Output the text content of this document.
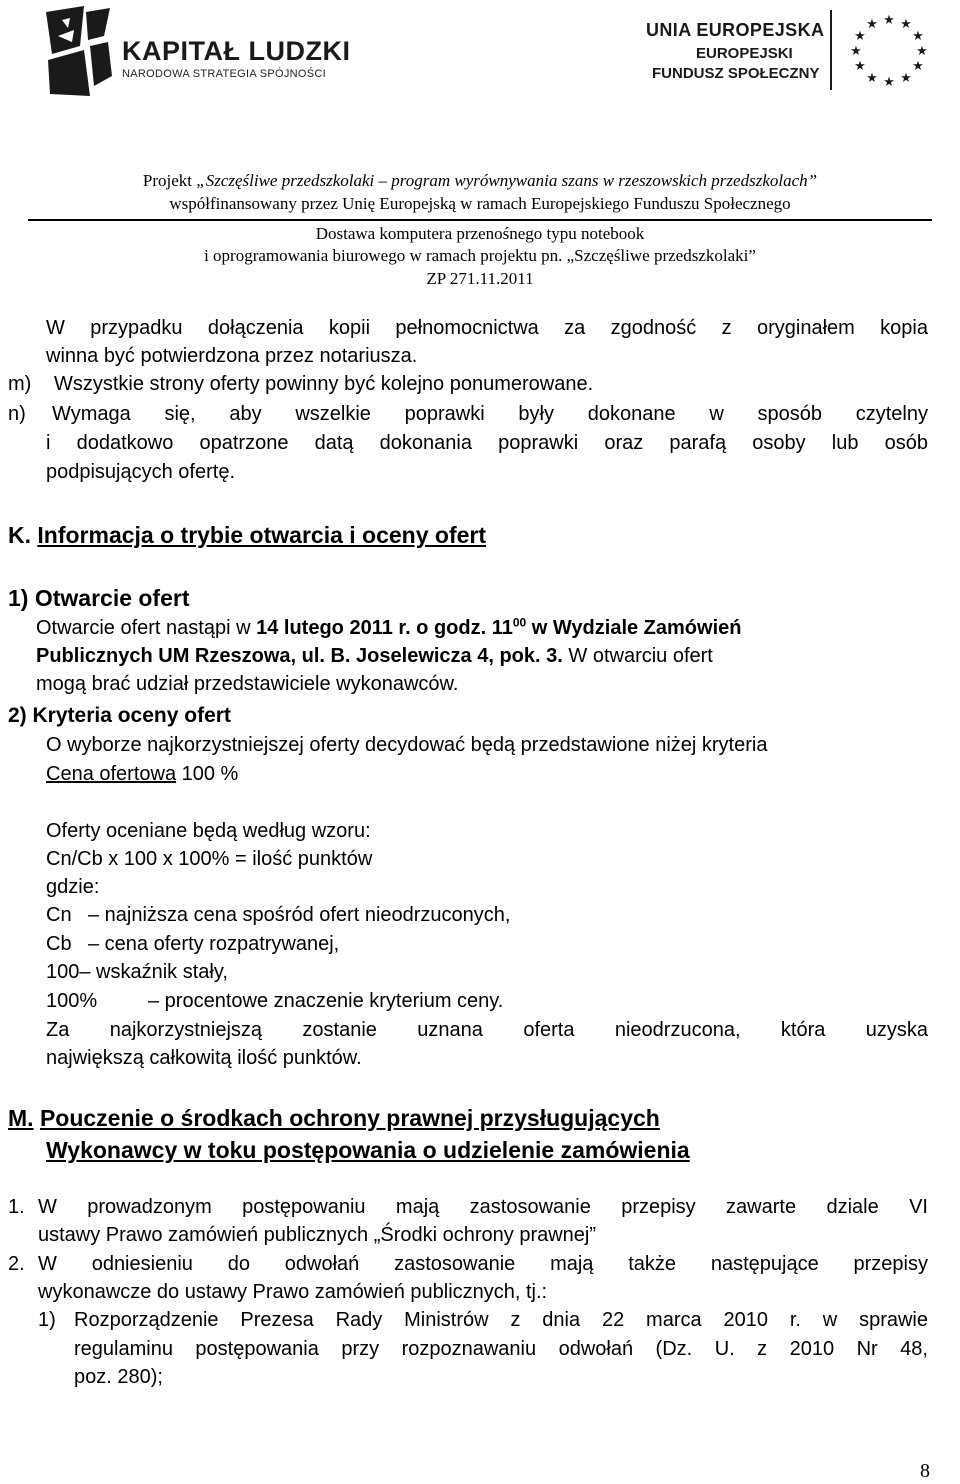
KAPITAŁ LUDZKI
NARODOWA STRATEGIA SPÓJNOŚCI
UNIA EUROPEJSKA
EUROPEJSKI
FUNDUSZ SPOŁECZNY
★ ★
★
★
★
★
★
★
★
★
★
★
Projekt „Szczęśliwe przedszkolaki – program wyrównywania szans w rzeszowskich przedszkolach”
współfinansowany przez Unię Europejską w ramach Europejskiego Funduszu Społecznego
Dostawa komputera przenośnego typu notebook
i oprogramowania biurowego w ramach projektu pn. „Szczęśliwe przedszkolaki”
ZP 271.11.2011
W przypadku dołączenia kopii pełnomocnictwa za zgodność z oryginałem kopia
winna być potwierdzona przez notariusza.
m) Wszystkie strony oferty powinny być kolejno ponumerowane.
n)	Wymaga się, aby wszelkie poprawki były dokonane w sposób czytelny
i dodatkowo opatrzone datą dokonania poprawki oraz parafą osoby lub osób
podpisujących ofertę.
K. Informacja o trybie otwarcia i oceny ofert
1) Otwarcie ofert
Otwarcie ofert nastąpi w 14 lutego 2011 r. o godz. $11^{00}$ w Wydziale Zamówień
Publicznych UM Rzeszowa, ul. B. Joselewicza 4, pok. 3. W otwarciu ofert
mogą brać udział przedstawiciele wykonawców.
2) Kryteria oceny ofert
O wyborze najkorzystniejszej oferty decydować będą przedstawione niżej kryteria
Cena ofertowa 100 %
Oferty oceniane będą według wzoru:
Cn/Cb x 100 x 100% = ilość punktów
gdzie:
Cn – najniższa cena spośród ofert nieodrzuconych,
Cb – cena oferty rozpatrywanej,
100– wskaźnik stały,
100%	– procentowe znaczenie kryterium ceny.
Za najkorzystniejszą zostanie uznana oferta nieodrzucona, która uzyska
największą całkowitą ilość punktów.
M. Pouczenie o środkach ochrony prawnej przysługujących
Wykonawcy w toku postępowania o udzielenie zamówienia
1. W prowadzonym postępowaniu mają zastosowanie przepisy zawarte dziale VI
ustawy Prawo zamówień publicznych „Środki ochrony prawnej”
2. W odniesieniu do odwołań zastosowanie mają także następujące przepisy
wykonawcze do ustawy Prawo zamówień publicznych, tj.:
1) Rozporządzenie Prezesa Rady Ministrów z dnia 22 marca 2010 r. w sprawie
regulaminu postępowania przy rozpoznawaniu odwołań (Dz. U. z 2010 Nr 48,
poz. 280);
8
